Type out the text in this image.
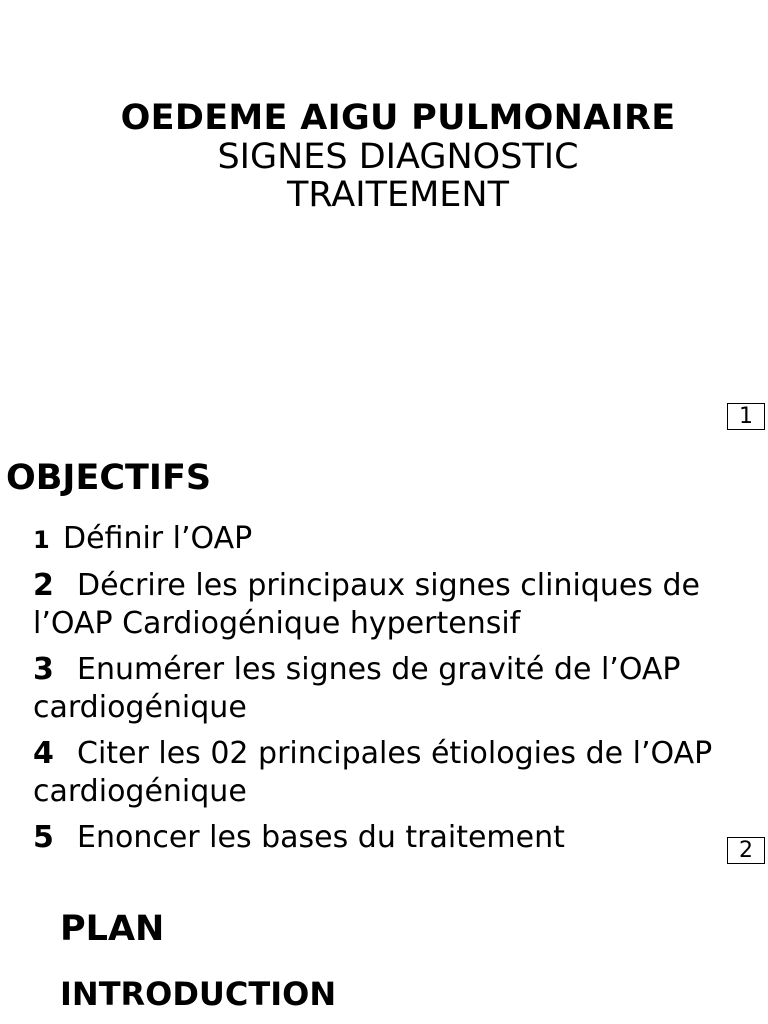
OEDEME AIGU PULMONAIRE
SIGNES DIAGNOSTIC
TRAITEMENT
1
OBJECTIFS
1 Définir l’OAP
2 Décrire les principaux signes cliniques de l’OAP Cardiogénique hypertensif
3 Enumérer les signes de gravité de l’OAP cardiogénique
4 Citer les 02 principales étiologies de l’OAP cardiogénique
5 Enoncer les bases du traitement	2
PLAN
INTRODUCTION
